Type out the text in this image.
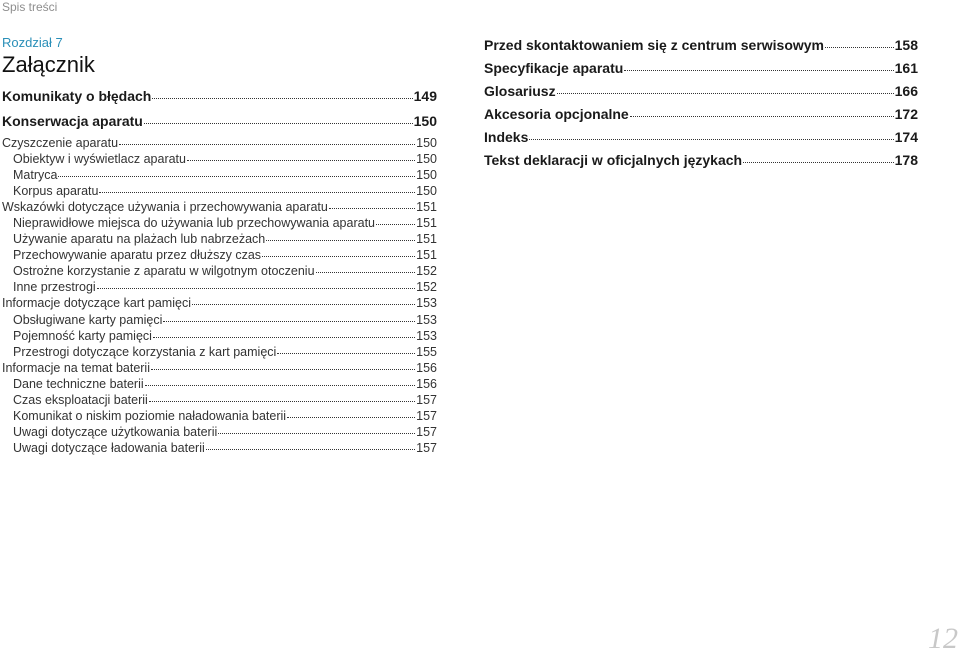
Spis treści
Rozdział 7
Załącznik
Komunikaty o błędach	149
Konserwacja aparatu	150
Czyszczenie aparatu	150
Obiektyw i wyświetlacz aparatu	150
Matryca	150
Korpus aparatu	150
Wskazówki dotyczące używania i przechowywania aparatu	151
Nieprawidłowe miejsca do używania lub przechowywania aparatu	151
Używanie aparatu na plażach lub nabrzeżach	151
Przechowywanie aparatu przez dłuższy czas	151
Ostrożne korzystanie z aparatu w wilgotnym otoczeniu	152
Inne przestrogi	152
Informacje dotyczące kart pamięci	153
Obsługiwane karty pamięci	153
Pojemność karty pamięci	153
Przestrogi dotyczące korzystania z kart pamięci	155
Informacje na temat baterii	156
Dane techniczne baterii	156
Czas eksploatacji baterii	157
Komunikat o niskim poziomie naładowania baterii	157
Uwagi dotyczące użytkowania baterii	157
Uwagi dotyczące ładowania baterii	157
Przed skontaktowaniem się z centrum serwisowym	158
Specyfikacje aparatu	161
Glosariusz	166
Akcesoria opcjonalne	172
Indeks	174
Tekst deklaracji w oficjalnych językach	178
12
